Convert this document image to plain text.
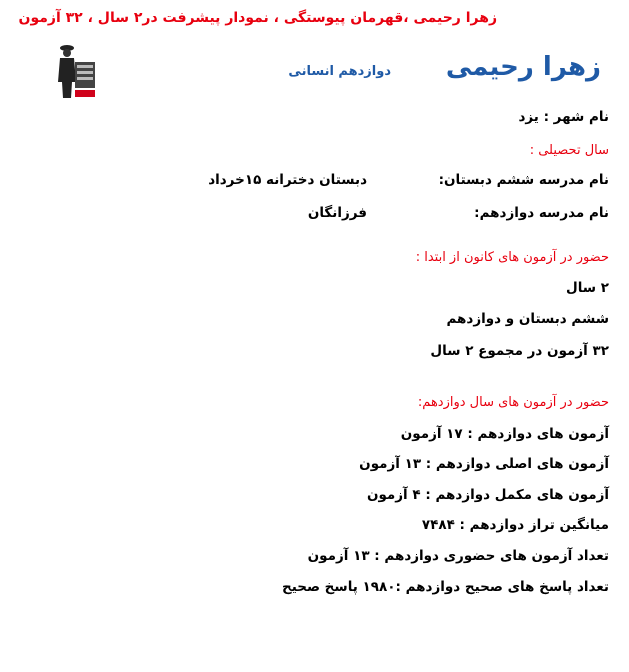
زهرا رحیمی ،قهرمان پیوستگی ، نمودار پیشرفت در۲ سال ، ۳۲ آزمون
زهرا رحیمی
دوازدهم انسانی
نام شهر : یزد
سال تحصیلی :
نام مدرسه ششم دبستان:
دبستان دخترانه ۱۵خرداد
نام مدرسه دوازدهم:
فرزانگان
حضور در آزمون های کانون از ابتدا :
۲ سال
ششم دبستان و دوازدهم
۳۲ آزمون در مجموع ۲ سال
حضور در آزمون های سال دوازدهم:
آزمون های دوازدهم : ۱۷ آزمون
آزمون های اصلی دوازدهم : ۱۳ آزمون
آزمون های مکمل دوازدهم : ۴ آزمون
میانگین تراز دوازدهم : ۷۴۸۴
تعداد آزمون های حضوری دوازدهم : ۱۳ آزمون
تعداد پاسخ های صحیح دوازدهم :۱۹۸۰ پاسخ صحیح
